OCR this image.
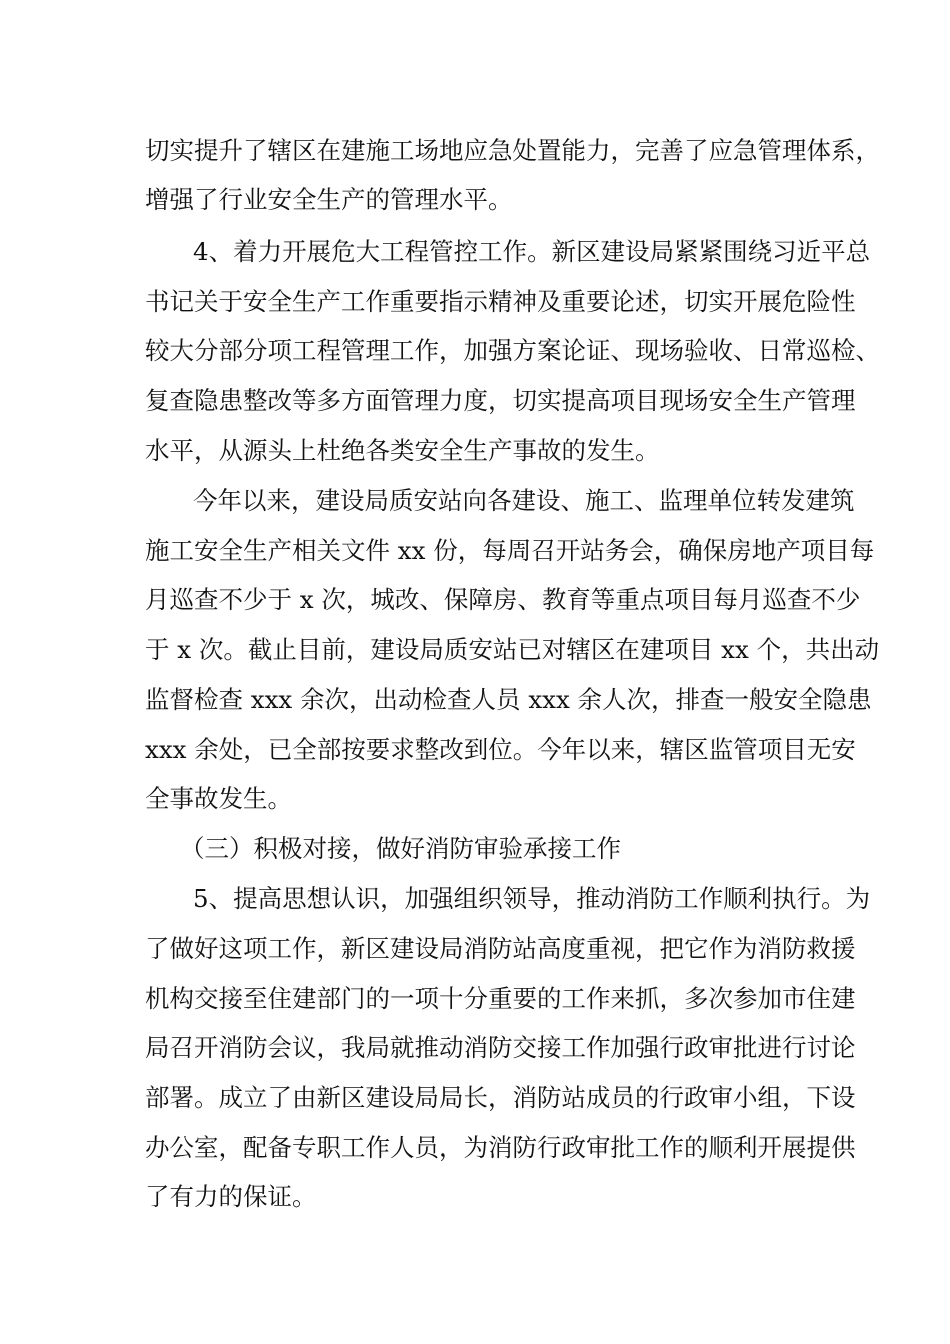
切实提升了辖区在建施工场地应急处置能力，完善了应急管理体系，
增强了行业安全生产的管理水平。
4、着力开展危大工程管控工作。新区建设局紧紧围绕习近平总
书记关于安全生产工作重要指示精神及重要论述，切实开展危险性
较大分部分项工程管理工作，加强方案论证、现场验收、日常巡检、
复查隐患整改等多方面管理力度，切实提高项目现场安全生产管理
水平，从源头上杜绝各类安全生产事故的发生。
今年以来，建设局质安站向各建设、施工、监理单位转发建筑
施工安全生产相关文件 xx 份，每周召开站务会，确保房地产项目每
月巡查不少于 x 次，城改、保障房、教育等重点项目每月巡查不少
于 x 次。截止目前，建设局质安站已对辖区在建项目 xx 个，共出动
监督检查 xxx 余次，出动检查人员 xxx 余人次，排查一般安全隐患
xxx 余处，已全部按要求整改到位。今年以来，辖区监管项目无安
全事故发生。
（三）积极对接，做好消防审验承接工作
5、提高思想认识，加强组织领导，推动消防工作顺利执行。为
了做好这项工作，新区建设局消防站高度重视，把它作为消防救援
机构交接至住建部门的一项十分重要的工作来抓，多次参加市住建
局召开消防会议，我局就推动消防交接工作加强行政审批进行讨论
部署。成立了由新区建设局局长，消防站成员的行政审小组，下设
办公室，配备专职工作人员，为消防行政审批工作的顺利开展提供
了有力的保证。
